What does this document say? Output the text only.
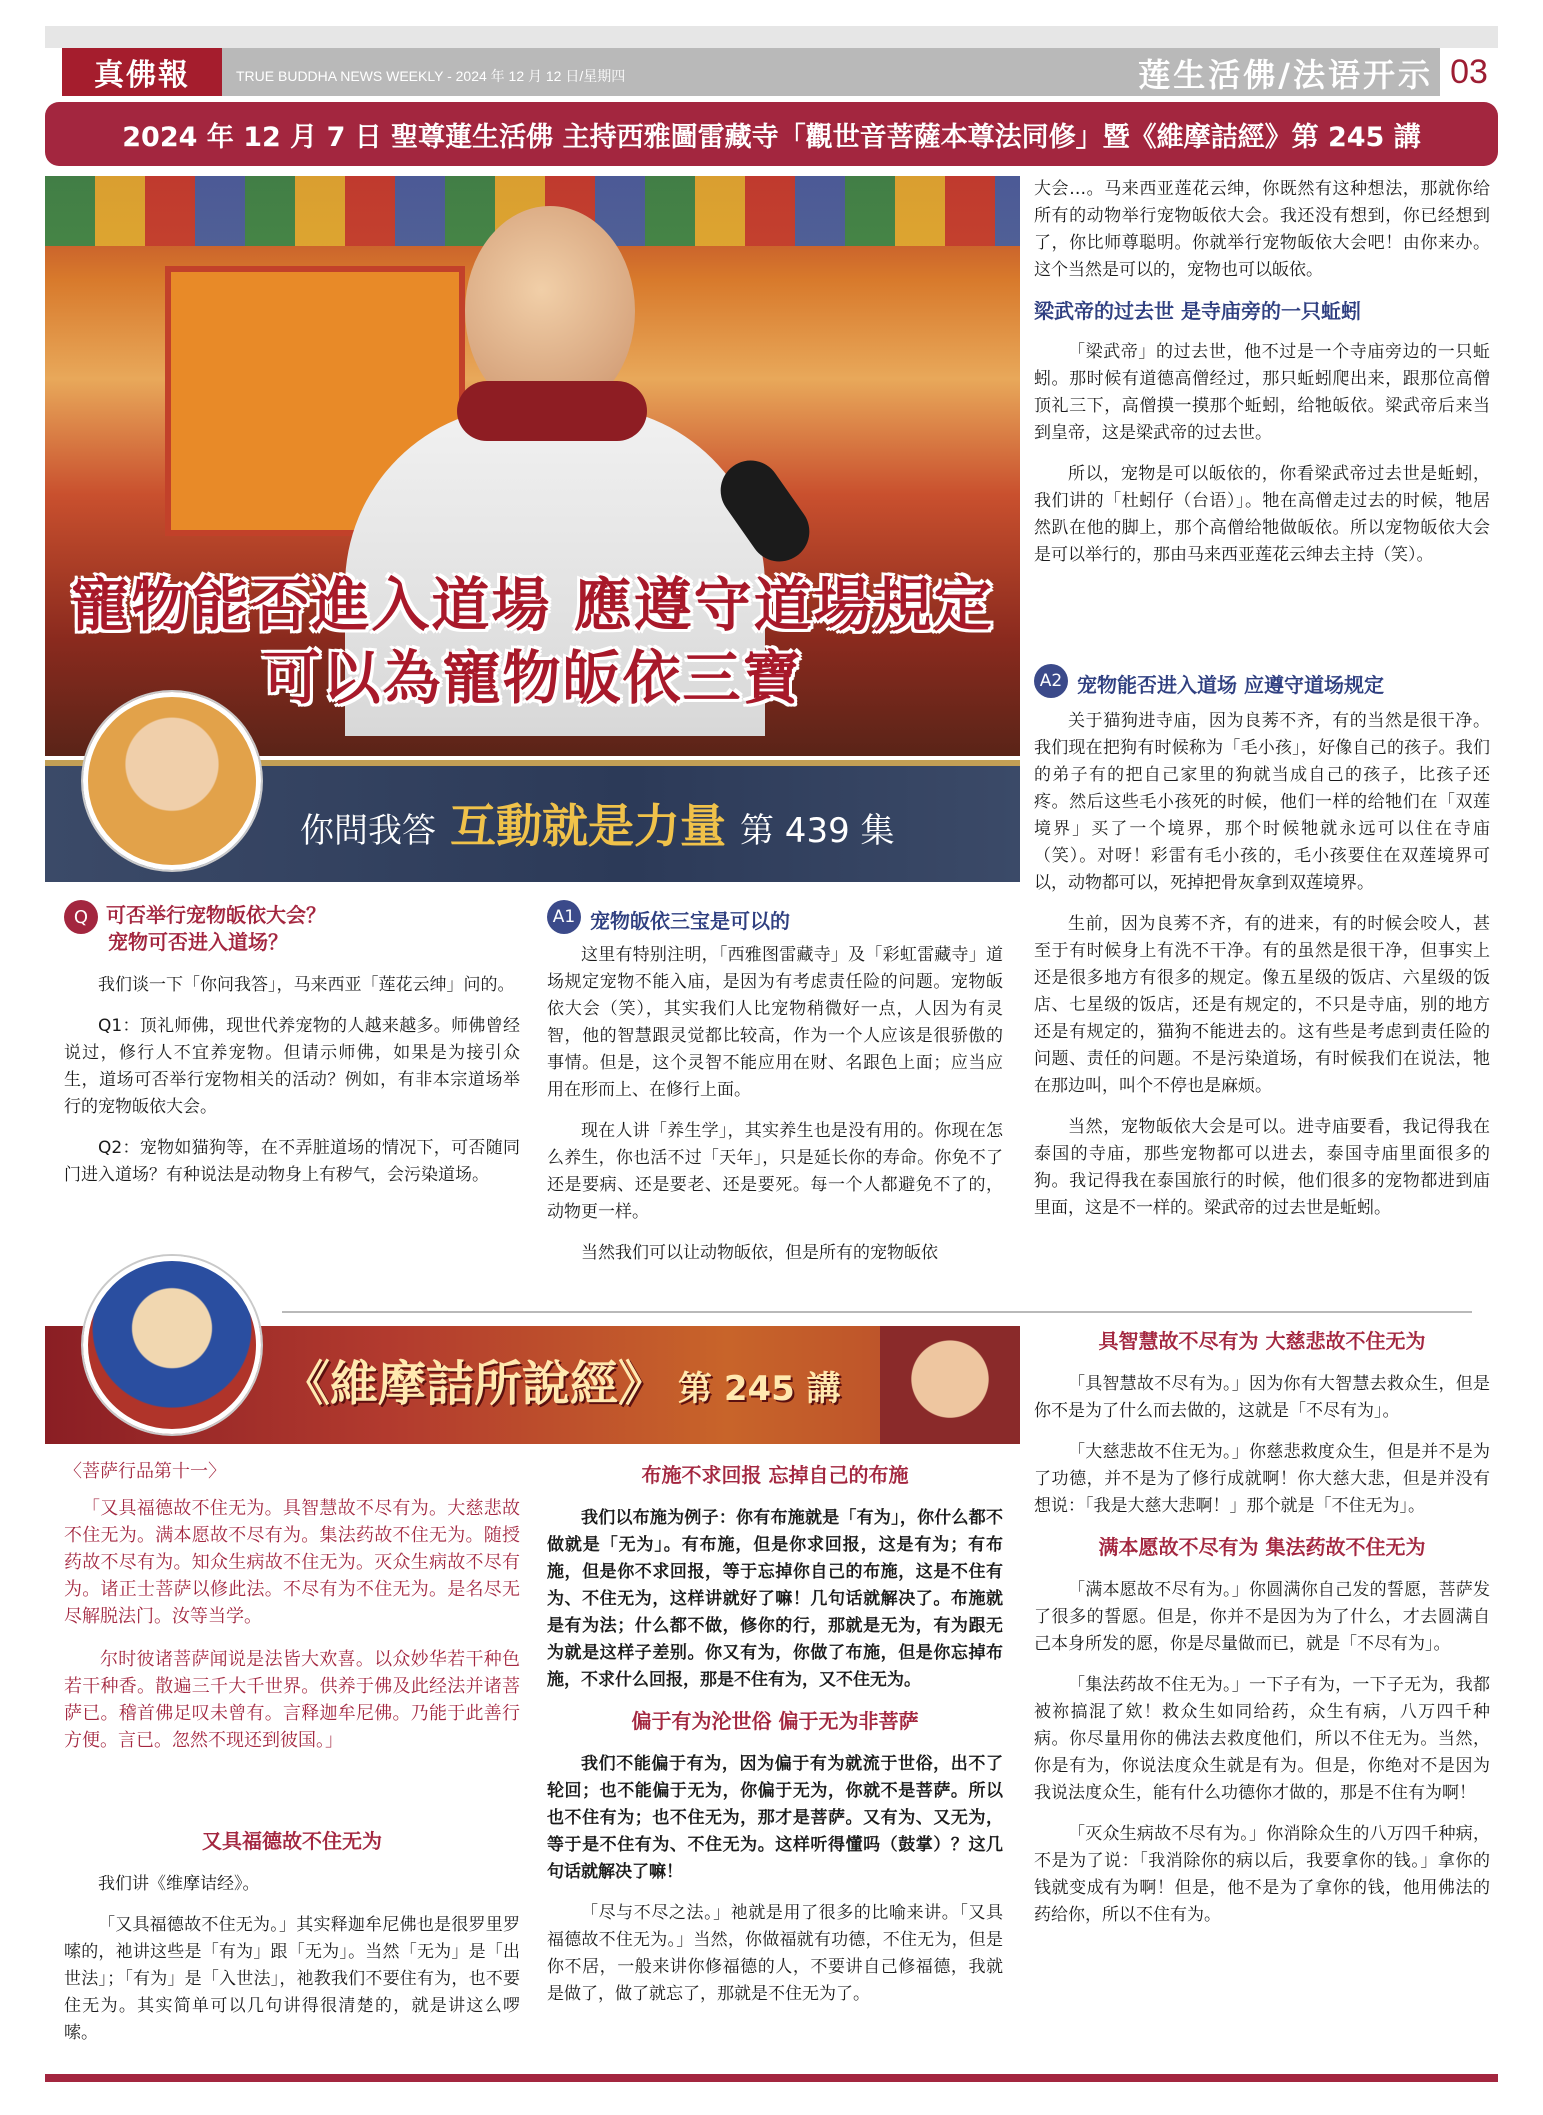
真佛報	TRUE BUDDHA NEWS WEEKLY - 2024 年 12 月 12 日/星期四	莲生活佛/法语开示 03
2024 年 12 月 7 日 聖尊蓮生活佛 主持西雅圖雷藏寺「觀世音菩薩本尊法同修」暨《維摩詰經》第 245 講
寵物能否進入道場 應遵守道場規定
可以為寵物皈依三寶
你問我答 互動就是力量 第 439 集
Q 可否举行宠物皈依大会？
宠物可否进入道场？

我们谈一下「你问我答」，马来西亚「莲花云绅」问的。

Q1：顶礼师佛，现世代养宠物的人越来越多。师佛曾经说过，修行人不宜养宠物。但请示师佛，如果是为接引众生，道场可否举行宠物相关的活动？例如，有非本宗道场举行的宠物皈依大会。

Q2：宠物如猫狗等，在不弄脏道场的情况下，可否随同门进入道场？有种说法是动物身上有秽气，会污染道场。

A1 宠物皈依三宝是可以的

这里有特别注明，「西雅图雷藏寺」及「彩虹雷藏寺」道场规定宠物不能入庙，是因为有考虑责任险的问题。宠物皈依大会（笑），其实我们人比宠物稍微好一点，人因为有灵智，他的智慧跟灵觉都比较高，作为一个人应该是很骄傲的事情。但是，这个灵智不能应用在财、名跟色上面；应当应用在形而上、在修行上面。

现在人讲「养生学」，其实养生也是没有用的。你现在怎么养生，你也活不过「天年」，只是延长你的寿命。你免不了还是要病、还是要老、还是要死。每一个人都避免不了的，动物更一样。

当然我们可以让动物皈依，但是所有的宠物皈依

大会…。马来西亚莲花云绅，你既然有这种想法，那就你给所有的动物举行宠物皈依大会。我还没有想到，你已经想到了，你比师尊聪明。你就举行宠物皈依大会吧！由你来办。这个当然是可以的，宠物也可以皈依。

梁武帝的过去世 是寺庙旁的一只蚯蚓

「梁武帝」的过去世，他不过是一个寺庙旁边的一只蚯蚓。那时候有道德高僧经过，那只蚯蚓爬出来，跟那位高僧顶礼三下，高僧摸一摸那个蚯蚓，给牠皈依。梁武帝后来当到皇帝，这是梁武帝的过去世。

所以，宠物是可以皈依的，你看梁武帝过去世是蚯蚓，我们讲的「杜蚓仔（台语）」。牠在高僧走过去的时候，牠居然趴在他的脚上，那个高僧给牠做皈依。所以宠物皈依大会是可以举行的，那由马来西亚莲花云绅去主持（笑）。

A2 宠物能否进入道场 应遵守道场规定

关于猫狗进寺庙，因为良莠不齐，有的当然是很干净。我们现在把狗有时候称为「毛小孩」，好像自己的孩子。我们的弟子有的把自己家里的狗就当成自己的孩子，比孩子还疼。然后这些毛小孩死的时候，他们一样的给牠们在「双莲境界」买了一个境界，那个时候牠就永远可以住在寺庙（笑）。对呀！彩雷有毛小孩的，毛小孩要住在双莲境界可以，动物都可以，死掉把骨灰拿到双莲境界。

生前，因为良莠不齐，有的进来，有的时候会咬人，甚至于有时候身上有洗不干净。有的虽然是很干净，但事实上还是很多地方有很多的规定。像五星级的饭店、六星级的饭店、七星级的饭店，还是有规定的，不只是寺庙，别的地方还是有规定的，猫狗不能进去的。这有些是考虑到责任险的问题、责任的问题。不是污染道场，有时候我们在说法，牠在那边叫，叫个不停也是麻烦。

当然，宠物皈依大会是可以。进寺庙要看，我记得我在泰国的寺庙，那些宠物都可以进去，泰国寺庙里面很多的狗。我记得我在泰国旅行的时候，他们很多的宠物都进到庙里面，这是不一样的。梁武帝的过去世是蚯蚓。

《維摩詰所說經》 第 245 講
〈菩萨行品第十一〉

「又具福德故不住无为。具智慧故不尽有为。大慈悲故不住无为。满本愿故不尽有为。集法药故不住无为。随授药故不尽有为。知众生病故不住无为。灭众生病故不尽有为。诸正士菩萨以修此法。不尽有为不住无为。是名尽无尽解脱法门。汝等当学。

尔时彼诸菩萨闻说是法皆大欢喜。以众妙华若干种色若干种香。散遍三千大千世界。供养于佛及此经法并诸菩萨已。稽首佛足叹未曾有。言释迦牟尼佛。乃能于此善行方便。言已。忽然不现还到彼国。」

又具福德故不住无为

我们讲《维摩诘经》。

「又具福德故不住无为。」其实释迦牟尼佛也是很罗里罗嗦的，祂讲这些是「有为」跟「无为」。当然「无为」是「出世法」；「有为」是「入世法」，祂教我们不要住有为，也不要住无为。其实简单可以几句讲得很清楚的，就是讲这么啰嗦。

布施不求回报 忘掉自己的布施

我们以布施为例子：你有布施就是「有为」，你什么都不做就是「无为」。有布施，但是你求回报，这是有为；有布施，但是你不求回报，等于忘掉你自己的布施，这是不住有为、不住无为，这样讲就好了嘛！几句话就解决了。布施就是有为法；什么都不做，修你的行，那就是无为，有为跟无为就是这样子差别。你又有为，你做了布施，但是你忘掉布施，不求什么回报，那是不住有为，又不住无为。

偏于有为沦世俗 偏于无为非菩萨

我们不能偏于有为，因为偏于有为就流于世俗，出不了轮回；也不能偏于无为，你偏于无为，你就不是菩萨。所以也不住有为；也不住无为，那才是菩萨。又有为、又无为，等于是不住有为、不住无为。这样听得懂吗（鼓掌）？这几句话就解决了嘛！

「尽与不尽之法。」祂就是用了很多的比喻来讲。「又具福德故不住无为。」当然，你做福就有功德，不住无为，但是你不居，一般来讲你修福德的人，不要讲自己修福德，我就是做了，做了就忘了，那就是不住无为了。

具智慧故不尽有为 大慈悲故不住无为

「具智慧故不尽有为。」因为你有大智慧去救众生，但是你不是为了什么而去做的，这就是「不尽有为」。

「大慈悲故不住无为。」你慈悲救度众生，但是并不是为了功德，并不是为了修行成就啊！你大慈大悲，但是并没有想说：「我是大慈大悲啊！」那个就是「不住无为」。

满本愿故不尽有为 集法药故不住无为

「满本愿故不尽有为。」你圆满你自己发的誓愿，菩萨发了很多的誓愿。但是，你并不是因为为了什么，才去圆满自己本身所发的愿，你是尽量做而已，就是「不尽有为」。

「集法药故不住无为。」一下子有为，一下子无为，我都被祢搞混了欸！救众生如同给药，众生有病，八万四千种病。你尽量用你的佛法去救度他们，所以不住无为。当然，你是有为，你说法度众生就是有为。但是，你绝对不是因为我说法度众生，能有什么功德你才做的，那是不住有为啊！

「灭众生病故不尽有为。」你消除众生的八万四千种病，不是为了说：「我消除你的病以后，我要拿你的钱。」拿你的钱就变成有为啊！但是，他不是为了拿你的钱，他用佛法的药给你，所以不住有为。
